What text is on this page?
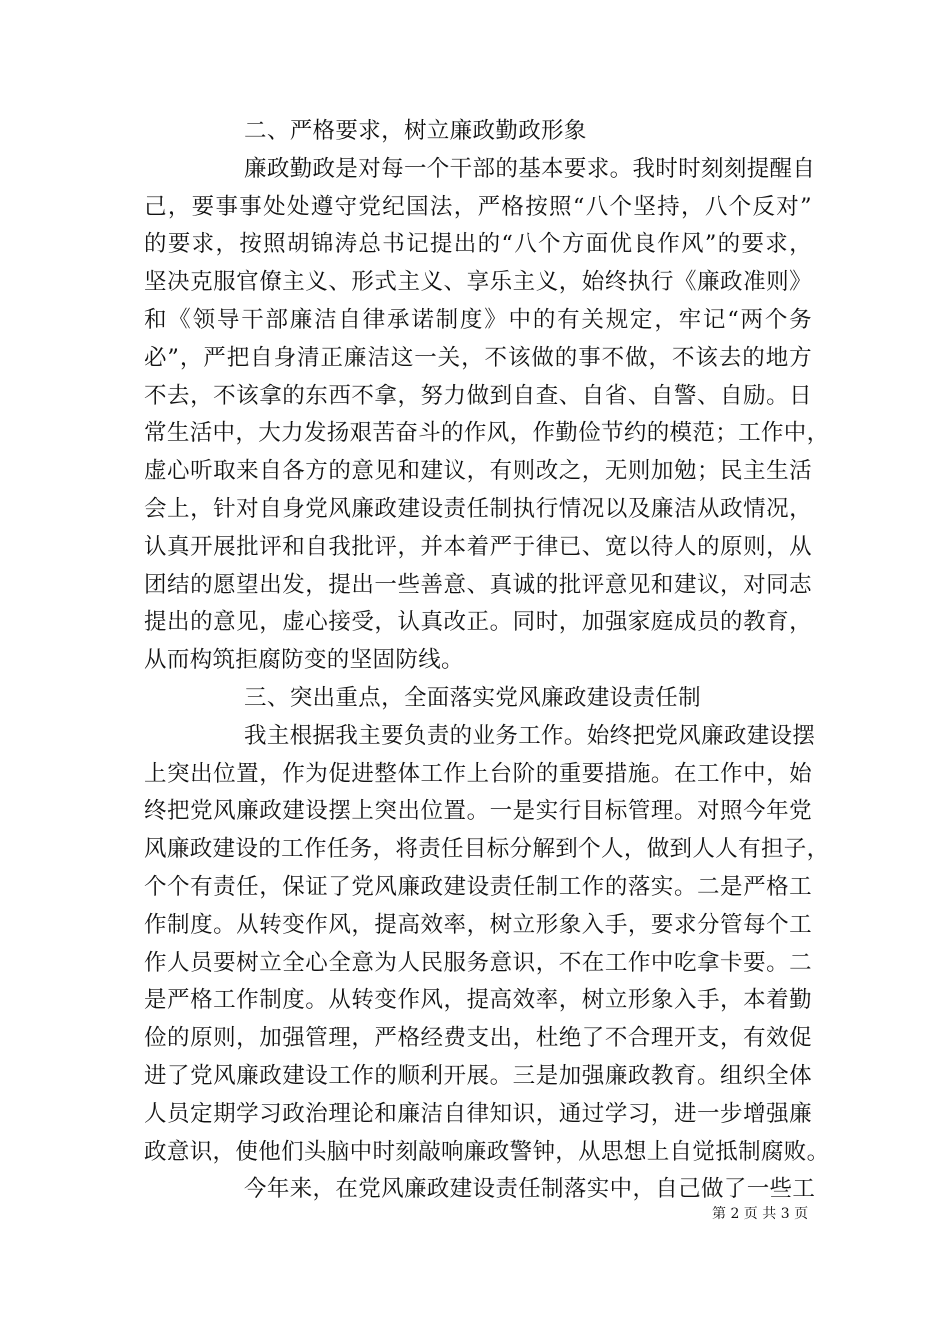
二、严格要求，树立廉政勤政形象
廉政勤政是对每一个干部的基本要求。我时时刻刻提醒自
己，要事事处处遵守党纪国法，严格按照“八个坚持，八个反对”
的要求，按照胡锦涛总书记提出的“八个方面优良作风”的要求，
坚决克服官僚主义、形式主义、享乐主义，始终执行《廉政准则》
和《领导干部廉洁自律承诺制度》中的有关规定，牢记“两个务
必”，严把自身清正廉洁这一关，不该做的事不做，不该去的地方
不去，不该拿的东西不拿，努力做到自查、自省、自警、自励。日
常生活中，大力发扬艰苦奋斗的作风，作勤俭节约的模范；工作中，
虚心听取来自各方的意见和建议，有则改之，无则加勉；民主生活
会上，针对自身党风廉政建设责任制执行情况以及廉洁从政情况，
认真开展批评和自我批评，并本着严于律已、宽以待人的原则，从
团结的愿望出发，提出一些善意、真诚的批评意见和建议，对同志
提出的意见，虚心接受，认真改正。同时，加强家庭成员的教育，
从而构筑拒腐防变的坚固防线。
三、突出重点，全面落实党风廉政建设责任制
我主根据我主要负责的业务工作。始终把党风廉政建设摆
上突出位置，作为促进整体工作上台阶的重要措施。在工作中，始
终把党风廉政建设摆上突出位置。一是实行目标管理。对照今年党
风廉政建设的工作任务，将责任目标分解到个人，做到人人有担子，
个个有责任，保证了党风廉政建设责任制工作的落实。二是严格工
作制度。从转变作风，提高效率，树立形象入手，要求分管每个工
作人员要树立全心全意为人民服务意识，不在工作中吃拿卡要。二
是严格工作制度。从转变作风，提高效率，树立形象入手，本着勤
俭的原则，加强管理，严格经费支出，杜绝了不合理开支，有效促
进了党风廉政建设工作的顺利开展。三是加强廉政教育。组织全体
人员定期学习政治理论和廉洁自律知识，通过学习，进一步增强廉
政意识，使他们头脑中时刻敲响廉政警钟，从思想上自觉抵制腐败。
今年来，在党风廉政建设责任制落实中，自己做了一些工
第 2 页 共 3 页
